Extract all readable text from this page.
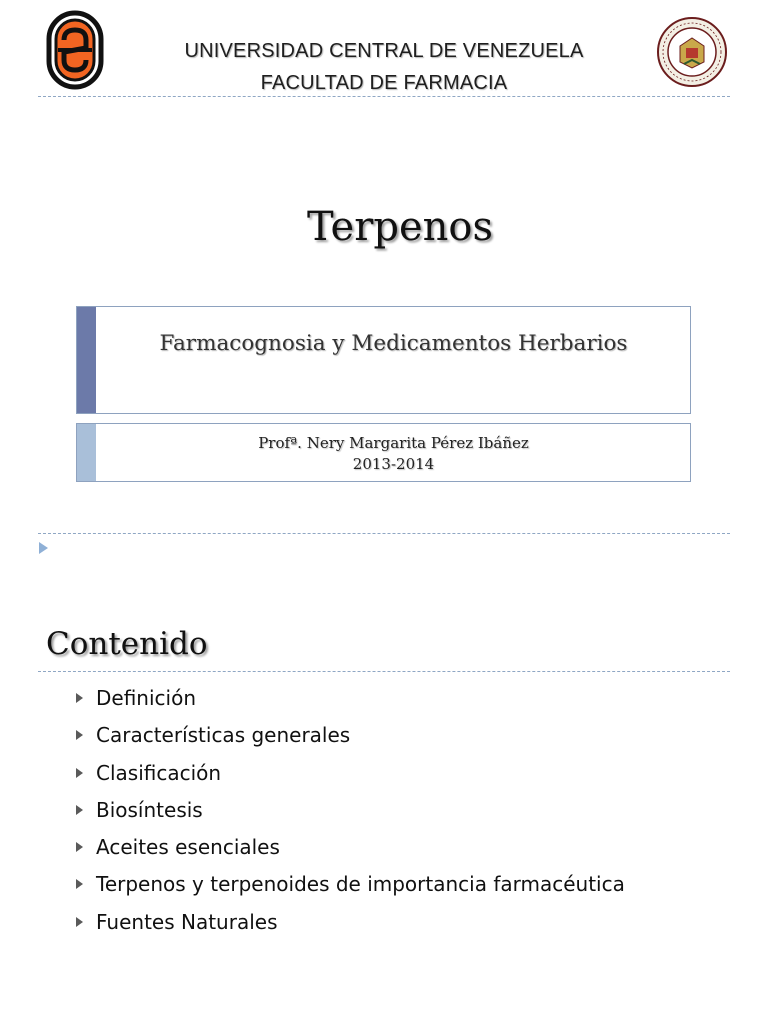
UNIVERSIDAD CENTRAL DE VENEZUELA
FACULTAD DE FARMACIA
Terpenos
Farmacognosia y Medicamentos Herbarios
Profª. Nery Margarita Pérez Ibáñez
2013-2014
Contenido
Definición
Características generales
Clasificación
Biosíntesis
Aceites esenciales
Terpenos y terpenoides de importancia farmacéutica
Fuentes Naturales
